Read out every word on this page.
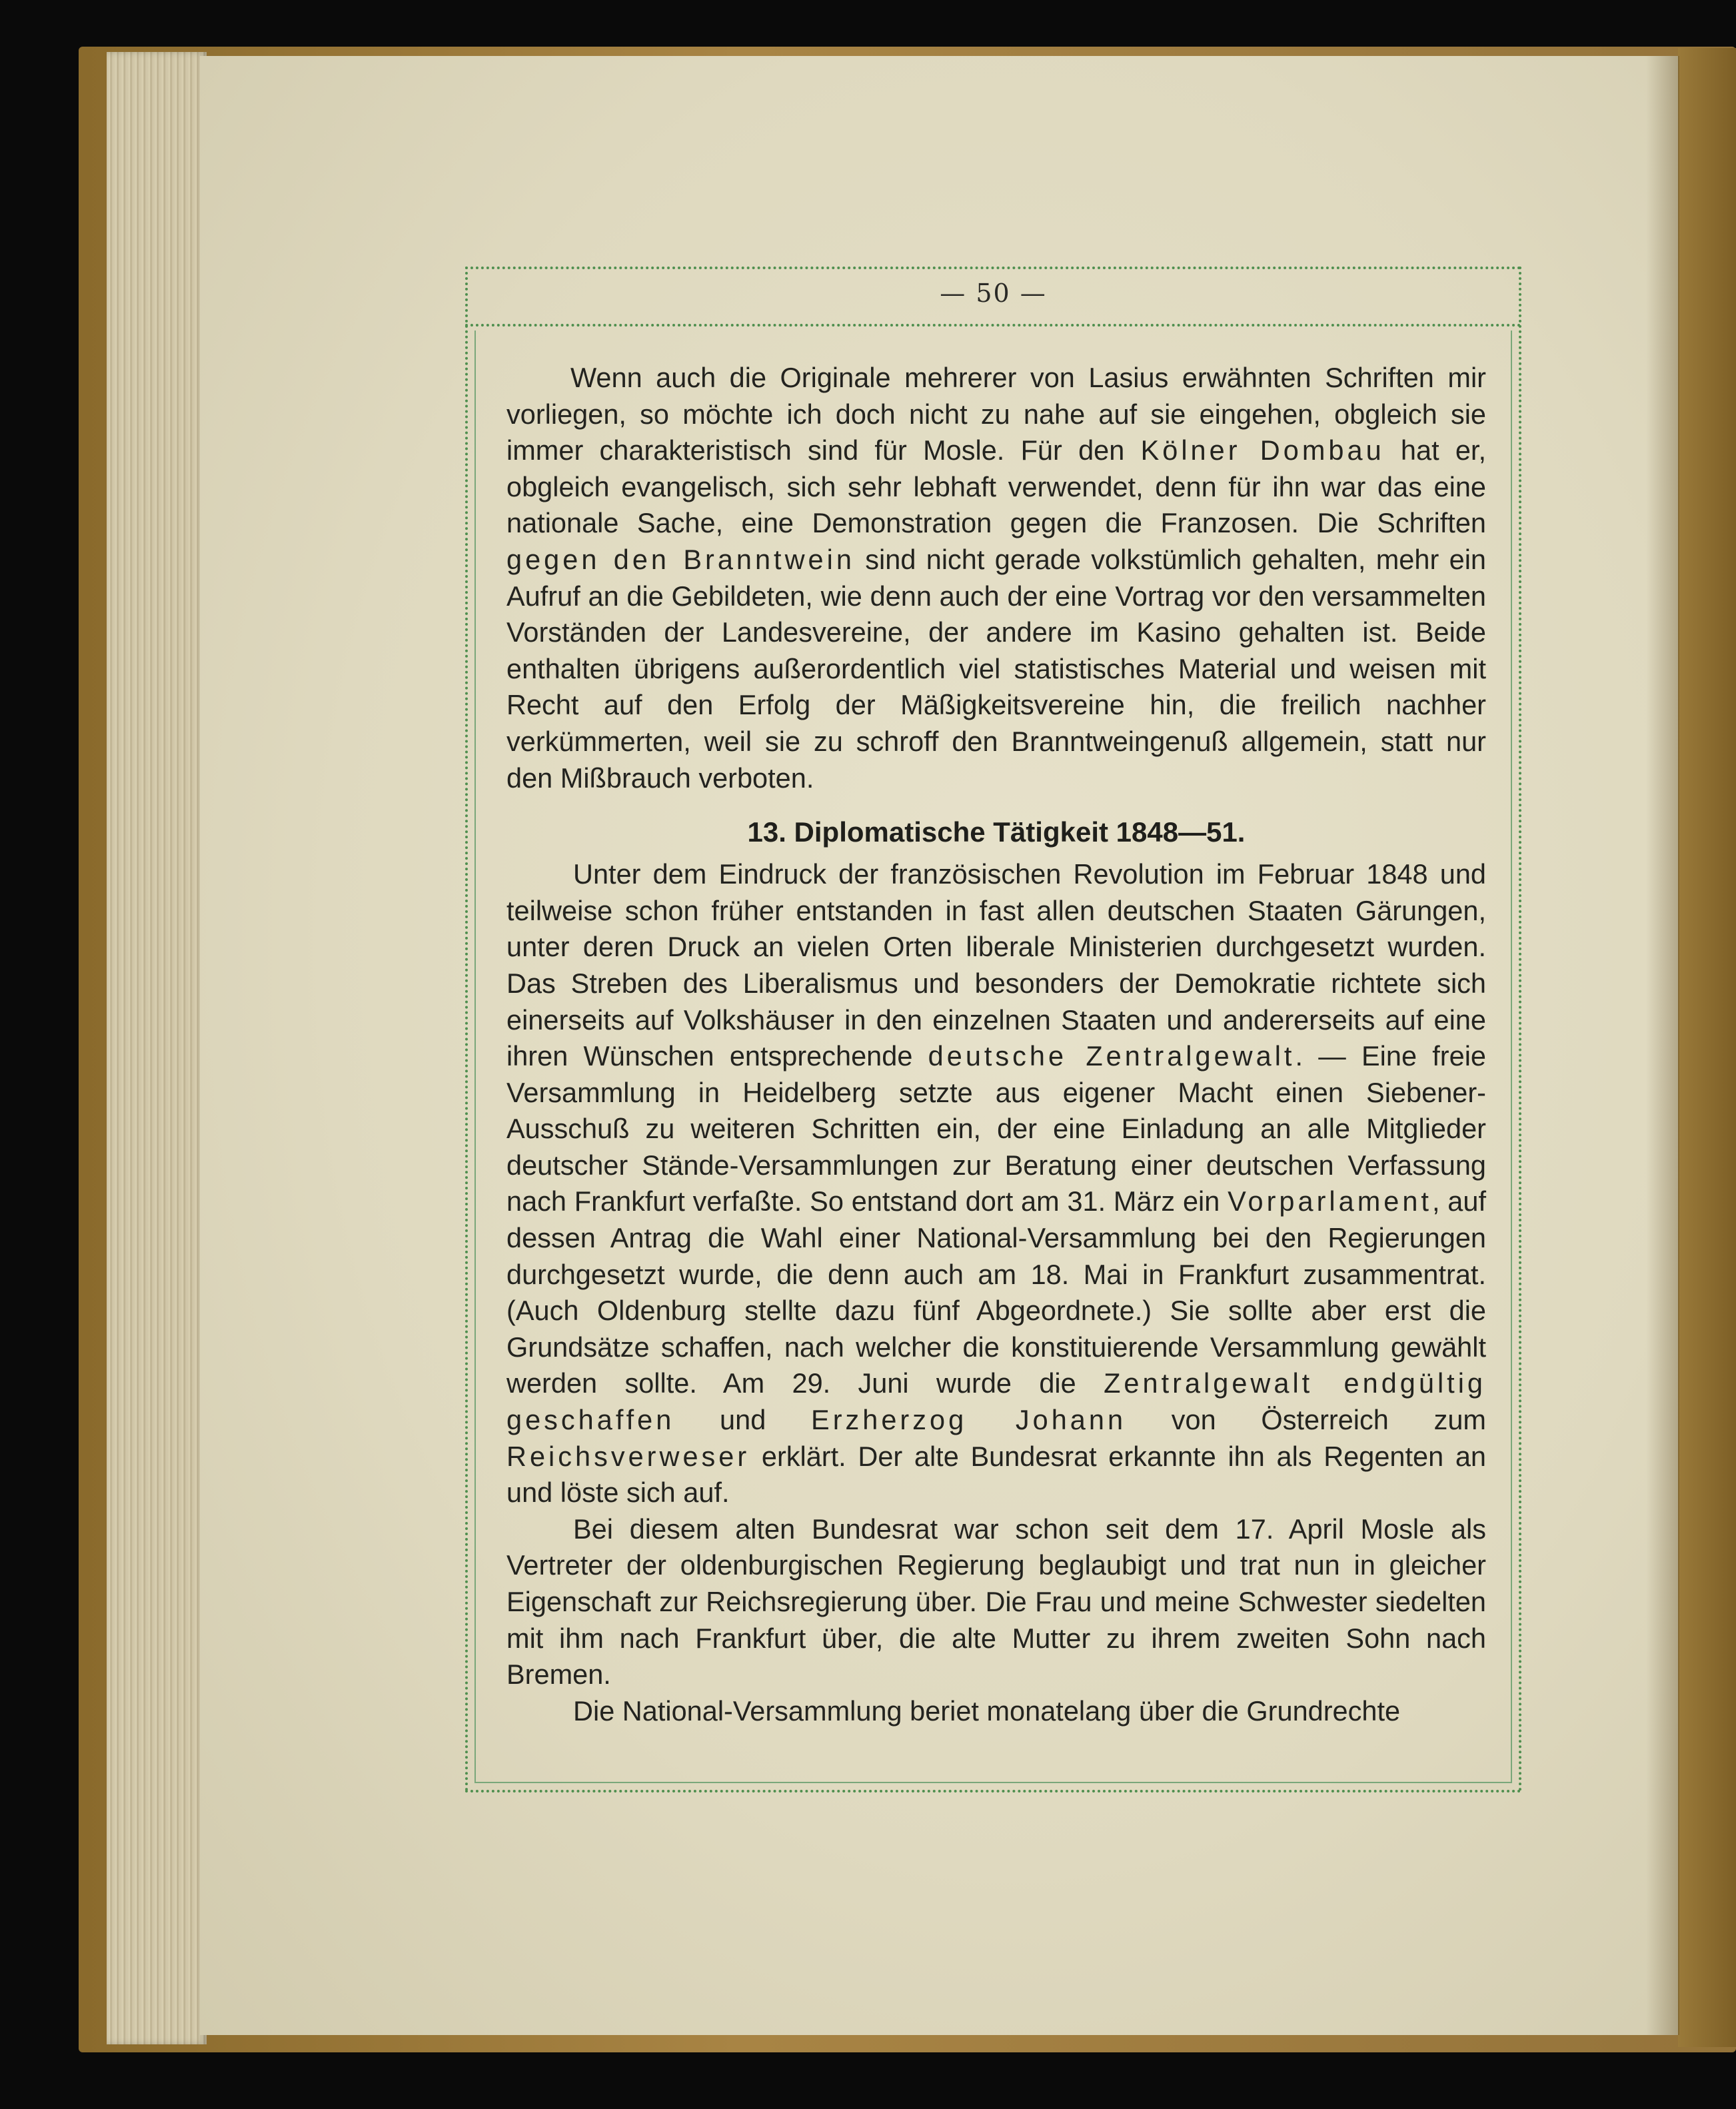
— 50 —

Wenn auch die Originale mehrerer von Lasius erwähnten Schriften mir vorliegen, so möchte ich doch nicht zu nahe auf sie eingehen, obgleich sie immer charakteristisch sind für Mosle. Für den Kölner Dombau hat er, obgleich evangelisch, sich sehr lebhaft verwendet, denn für ihn war das eine nationale Sache, eine Demonstration gegen die Franzosen. Die Schriften gegen den Branntwein sind nicht gerade volkstümlich gehalten, mehr ein Aufruf an die Gebildeten, wie denn auch der eine Vortrag vor den versammelten Vorständen der Landesvereine, der andere im Kasino gehalten ist. Beide enthalten übrigens außerordentlich viel statistisches Material und weisen mit Recht auf den Erfolg der Mäßigkeitsvereine hin, die freilich nachher verkümmerten, weil sie zu schroff den Branntweingenuß allgemein, statt nur den Mißbrauch verboten.

13. Diplomatische Tätigkeit 1848—51.

Unter dem Eindruck der französischen Revolution im Februar 1848 und teilweise schon früher entstanden in fast allen deutschen Staaten Gärungen, unter deren Druck an vielen Orten liberale Ministerien durchgesetzt wurden. Das Streben des Liberalismus und besonders der Demokratie richtete sich einerseits auf Volkshäuser in den einzelnen Staaten und andererseits auf eine ihren Wünschen entsprechende deutsche Zentralgewalt. — Eine freie Versammlung in Heidelberg setzte aus eigener Macht einen Siebener-Ausschuß zu weiteren Schritten ein, der eine Einladung an alle Mitglieder deutscher Stände-Versammlungen zur Beratung einer deutschen Verfassung nach Frankfurt verfaßte. So entstand dort am 31. März ein Vorparlament, auf dessen Antrag die Wahl einer National-Versammlung bei den Regierungen durchgesetzt wurde, die denn auch am 18. Mai in Frankfurt zusammentrat. (Auch Oldenburg stellte dazu fünf Abgeordnete.) Sie sollte aber erst die Grundsätze schaffen, nach welcher die konstituierende Versammlung gewählt werden sollte. Am 29. Juni wurde die Zentralgewalt endgültig geschaffen und Erzherzog Johann von Österreich zum Reichsverweser erklärt. Der alte Bundesrat erkannte ihn als Regenten an und löste sich auf.

Bei diesem alten Bundesrat war schon seit dem 17. April Mosle als Vertreter der oldenburgischen Regierung beglaubigt und trat nun in gleicher Eigenschaft zur Reichsregierung über. Die Frau und meine Schwester siedelten mit ihm nach Frankfurt über, die alte Mutter zu ihrem zweiten Sohn nach Bremen.

Die National-Versammlung beriet monatelang über die Grundrechte
